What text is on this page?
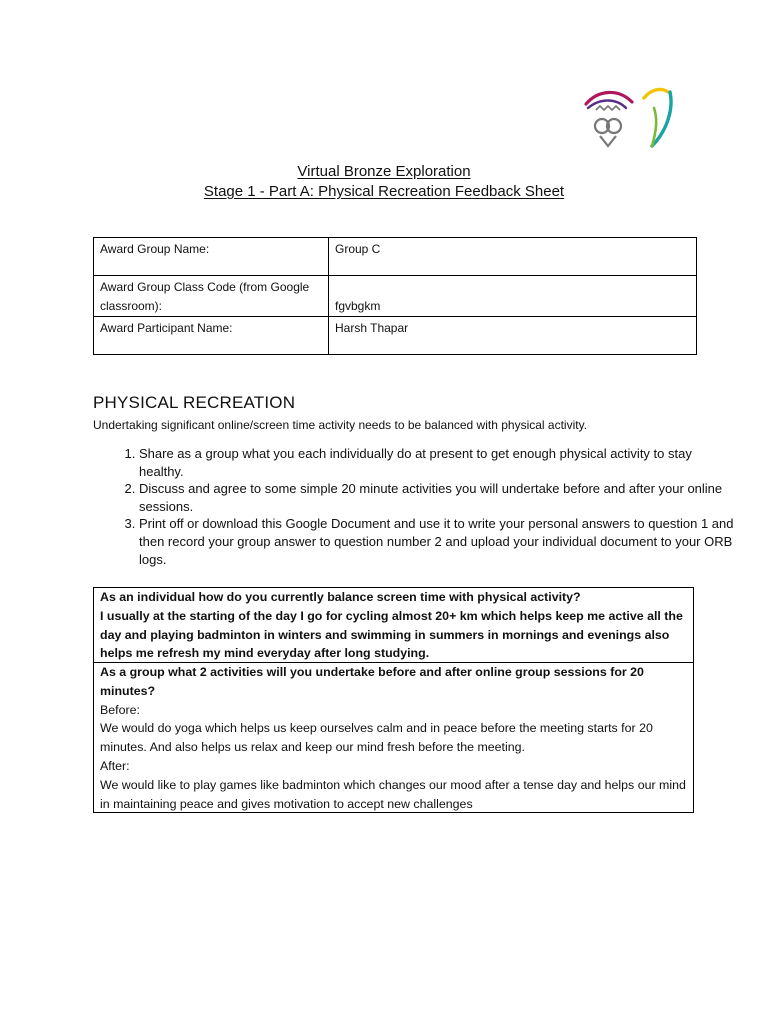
Virtual Bronze Exploration
Stage 1 - Part A: Physical Recreation Feedback Sheet
Award Group Name:	Group C
Award Group Class Code (from Google classroom):	fgvbgkm

Award Participant Name:	Harsh Thapar
PHYSICAL RECREATION
Undertaking significant online/screen time activity needs to be balanced with physical activity.
1. Share as a group what you each individually do at present to get enough physical activity to stay healthy.
2. Discuss and agree to some simple 20 minute activities you will undertake before and after your online sessions.
3. Print off or download this Google Document and use it to write your personal answers to question 1 and then record your group answer to question number 2 and upload your individual document to your ORB logs.
As an individual how do you currently balance screen time with physical activity?
I usually at the starting of the day I go for cycling almost 20+ km which helps keep me active all the day and playing badminton in winters and swimming in summers in mornings and evenings also helps me refresh my mind everyday after long studying.
As a group what 2 activities will you undertake before and after online group sessions for 20 minutes?
Before:
We would do yoga which helps us keep ourselves calm and in peace before the meeting starts for 20 minutes. And also helps us relax and keep our mind fresh before the meeting.
After:
We would like to play games like badminton which changes our mood after a tense day and helps our mind in maintaining peace and gives motivation to accept new challenges
